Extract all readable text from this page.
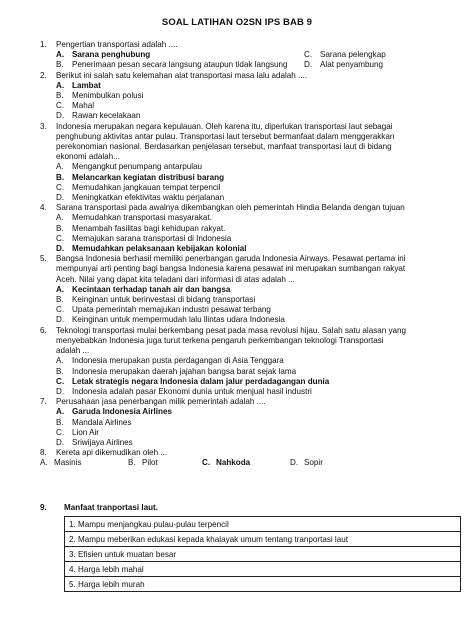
SOAL LATIHAN O2SN IPS BAB 9
1.	Pengertian transportasi adalah ....
A. Sarana penghubung	C. Sarana pelengkap
B.	Penerimaan pesan secara langsung ataupun tidak langsung D. Alat penyambung
2.	Berikut ini salah satu kelemahan alat transportasi masa lalu adalah ....
A. Lambat
B.	Menimbulkan polusi
C. Mahal
D. Rawan kecelakaan
3.	Indonesia merupakan negara kepulauan. Oleh karena itu, diperlukan transportasi laut sebagai
penghubung aktivitas antar pulau. Transportasi laut tersebut bermanfaat dalam menggerakkan
perekonomian nasional. Berdasarkan penjelasan tersebut, manfaat transportasi laut di bidang
ekonomi adalah...
A.	Mengangkut penumpang antarpulau
B. Melancarkan kegiatan distribusi barang
C. Memudahkan jangkauan tempat terpencil
D. Meningkatkan efektivitas waktu perjalanan
4.	Sarana transportasi pada awalnya dikembangkan oleh pemerintah Hindia Belanda dengan tujuan
A.	Memudahkan transportasi masyarakat.
B.	Menambah fasilitas bagi kehidupan rakyat.
C. Memajukan sarana transportasi di Indonesia
D. Memudahkan pelaksanaan kebijakan kolonial
5.	Bangsa Indonesia berhasil memiliki penerbangan garuda Indonesia Airways. Pesawat pertama ini
mempunyai arti penting bagi bangsa Indonesia karena pesawat ini merupakan sumbangan rakyat
Aceh. Nilai yang dapat kita teladani dari informasi di atas adalah ...
A. Kecintaan terhadap tanah air dan bangsa
B.	Keinginan untuk berinvestasi di bidang transportasi
C. Upata pemerintah memajukan industri pesawat terbang
D. Keinginan untuk mempermudah lalu llintas udara Indonesia
6.	Teknologi transportasi mulai berkembang pesat pada masa revolusi hijau. Salah satu alasan yang
menyebabkan Indonesia juga turut terkena pengaruh perkembangan teknologi Transportasi
adalah ...
A.	Indonesia merupakan pusta perdagangan di Asia Tenggara
B.	Indonesia merupakan daerah jajahan bangsa barat sejak lama
C. Letak strategis negara Indonesia dalam jalur perdadagangan dunia
D. Indonesia adalah pasar Ekonomi dunia untuk menjual hasil industri
7.	Perusahaan jasa penerbangan milik pemerintah adalah ....
A. Garuda Indonesia Airlines
B.	Mandala Airlines
C. Lion Air
D. Sriwijaya Airlines
8.	Kereta api dikemudikan oleh ...
A. Masinis	B. Pilot	C. Nahkoda	D. Sopir
9.	Manfaat tranportasi laut.
1. Mampu menjangkau pulau-pulau terpencil
2. Mampu meberikan edukasi kepada khalayak umum tentang tranportasi laut
3. Efisien untuk muatan besar
4. Harga lebih mahal
5. Harga lebih murah
